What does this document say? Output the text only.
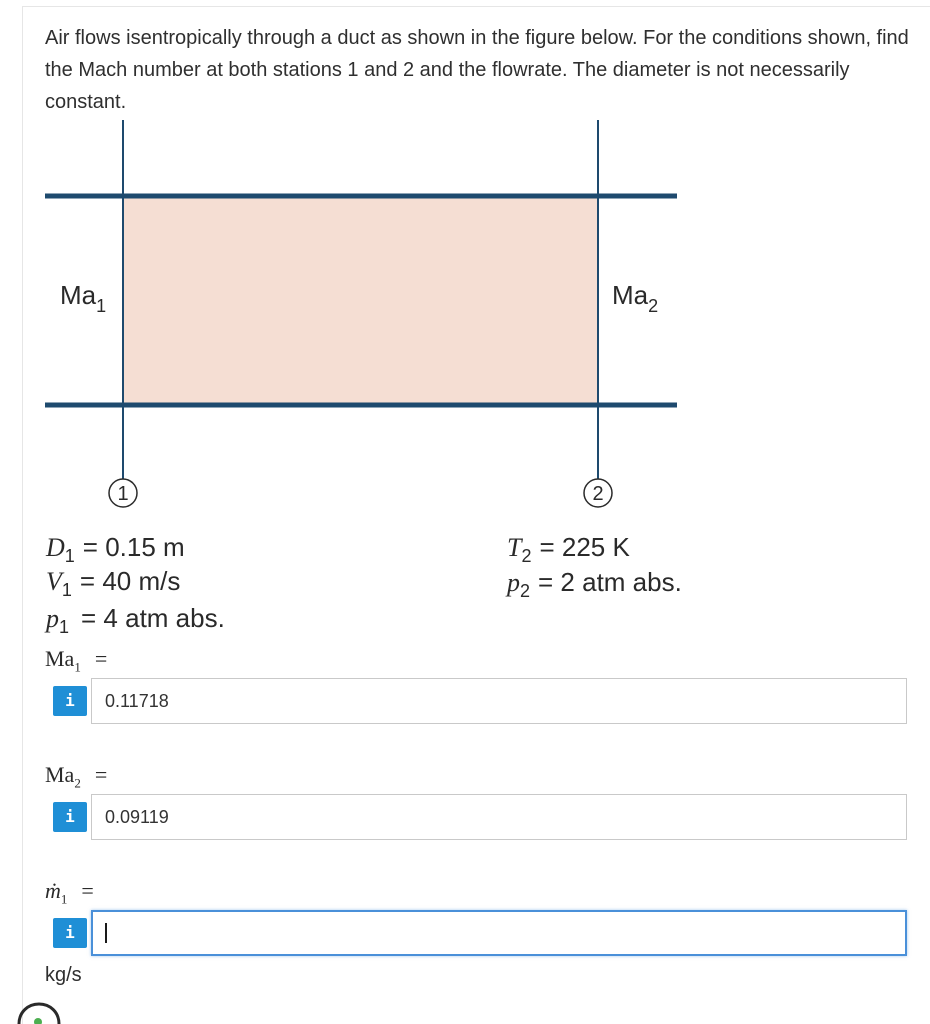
Air flows isentropically through a duct as shown in the figure below. For the conditions shown, find the Mach number at both stations 1 and 2 and the flowrate. The diameter is not necessarily constant.
1	2
$Ma_1$	$Ma_2$
$D_1 = 0.15$ m
$V_1 = 40$ m/s
$p_1 = 4$ atm abs.
$T_2 = 225$ K
$p_2 = 2$ atm abs.
$Ma_1$ =
i
0.11718
$Ma_2$ =
i
0.09119
ṁ$_1$ =
i
kg/s
